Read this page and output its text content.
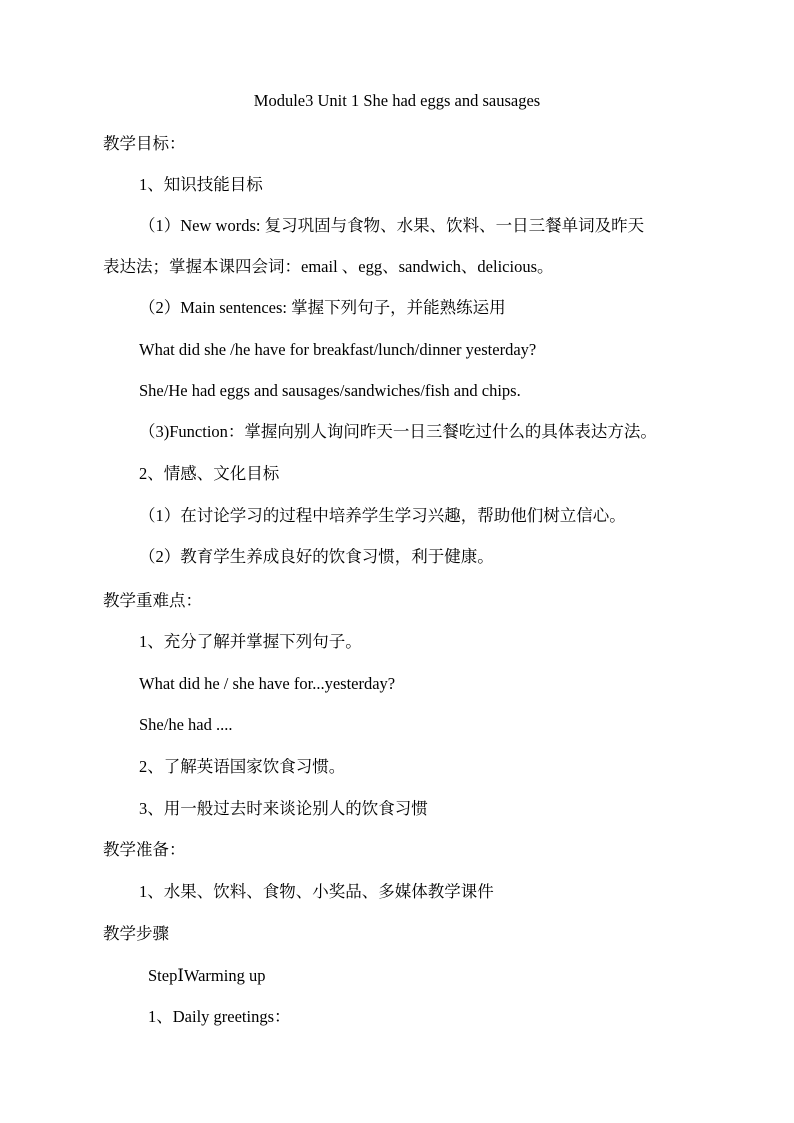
Module3 Unit 1 She had eggs and sausages
教学目标：
1、知识技能目标
（1）New words: 复习巩固与食物、水果、饮料、一日三餐单词及昨天
表达法；掌握本课四会词：email 、egg、sandwich、delicious。
（2）Main sentences: 掌握下列句子，并能熟练运用
What did she /he have for breakfast/lunch/dinner yesterday?
She/He had eggs and sausages/sandwiches/fish and chips.
（3)Function：掌握向别人询问昨天一日三餐吃过什么的具体表达方法。
2、情感、文化目标
（1）在讨论学习的过程中培养学生学习兴趣，帮助他们树立信心。
（2）教育学生养成良好的饮食习惯，利于健康。
教学重难点：
1、充分了解并掌握下列句子。
What did he / she have for...yesterday?
She/he had ....
2、了解英语国家饮食习惯。
3、用一般过去时来谈论别人的饮食习惯
教学准备：
1、水果、饮料、食物、小奖品、多媒体教学课件
教学步骤
StepⅠWarming up
1、Daily greetings：
